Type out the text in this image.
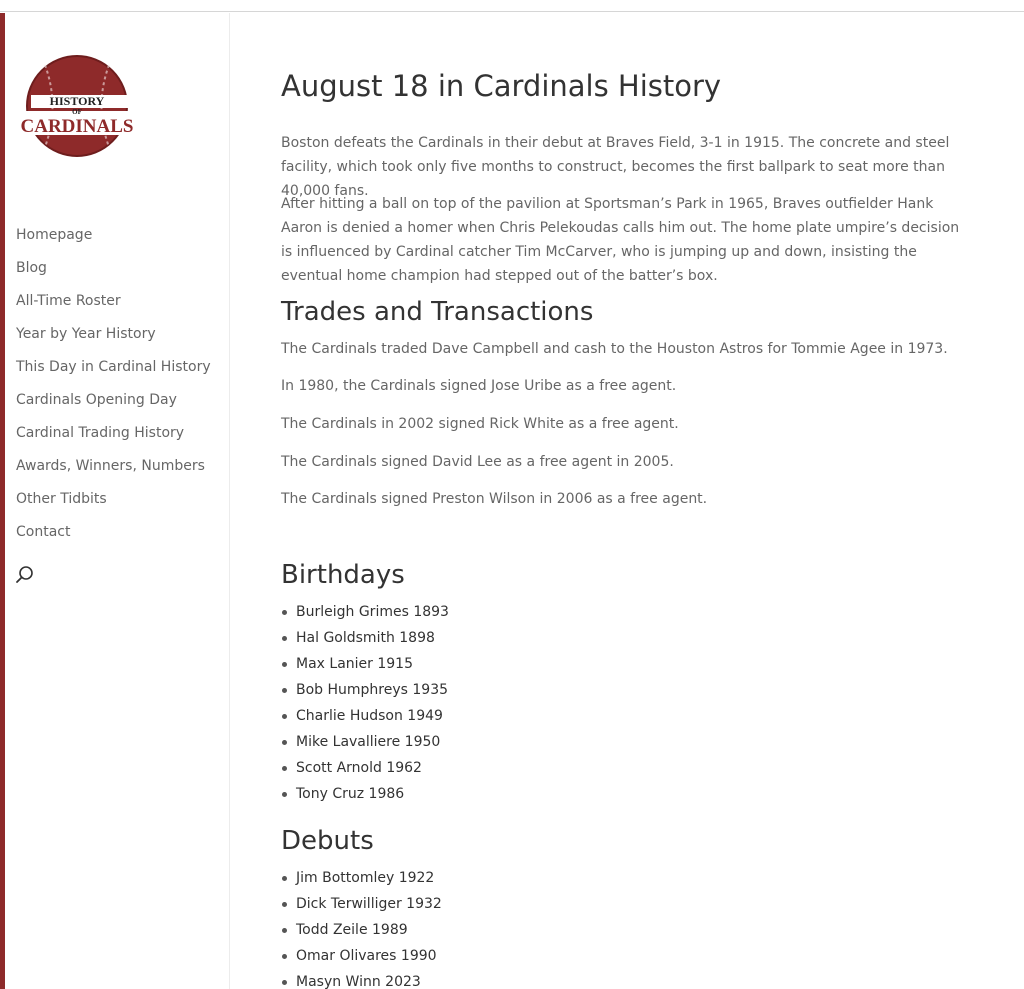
HISTORY
OF
CARDINALS
Homepage
Blog
All-Time Roster
Year by Year History
This Day in Cardinal History
Cardinals Opening Day
Cardinal Trading History
Awards, Winners, Numbers
Other Tidbits
Contact
August 18 in Cardinals History

Boston defeats the Cardinals in their debut at Braves Field, 3-1 in 1915. The concrete and steel facility, which took only five months to construct, becomes the first ballpark to seat more than 40,000 fans.

After hitting a ball on top of the pavilion at Sportsman’s Park in 1965, Braves outfielder Hank Aaron is denied a homer when Chris Pelekoudas calls him out. The home plate umpire’s decision is influenced by Cardinal catcher Tim McCarver, who is jumping up and down, insisting the eventual home champion had stepped out of the batter’s box.

Trades and Transactions

The Cardinals traded Dave Campbell and cash to the Houston Astros for Tommie Agee in 1973.

In 1980, the Cardinals signed Jose Uribe as a free agent.

The Cardinals in 2002 signed Rick White as a free agent.

The Cardinals signed David Lee as a free agent in 2005.

The Cardinals signed Preston Wilson in 2006 as a free agent.

Birthdays
Burleigh Grimes 1893
Hal Goldsmith 1898
Max Lanier 1915
Bob Humphreys 1935
Charlie Hudson 1949
Mike Lavalliere 1950
Scott Arnold 1962
Tony Cruz 1986
Debuts
Jim Bottomley 1922
Dick Terwilliger 1932
Todd Zeile 1989
Omar Olivares 1990
Masyn Winn 2023
